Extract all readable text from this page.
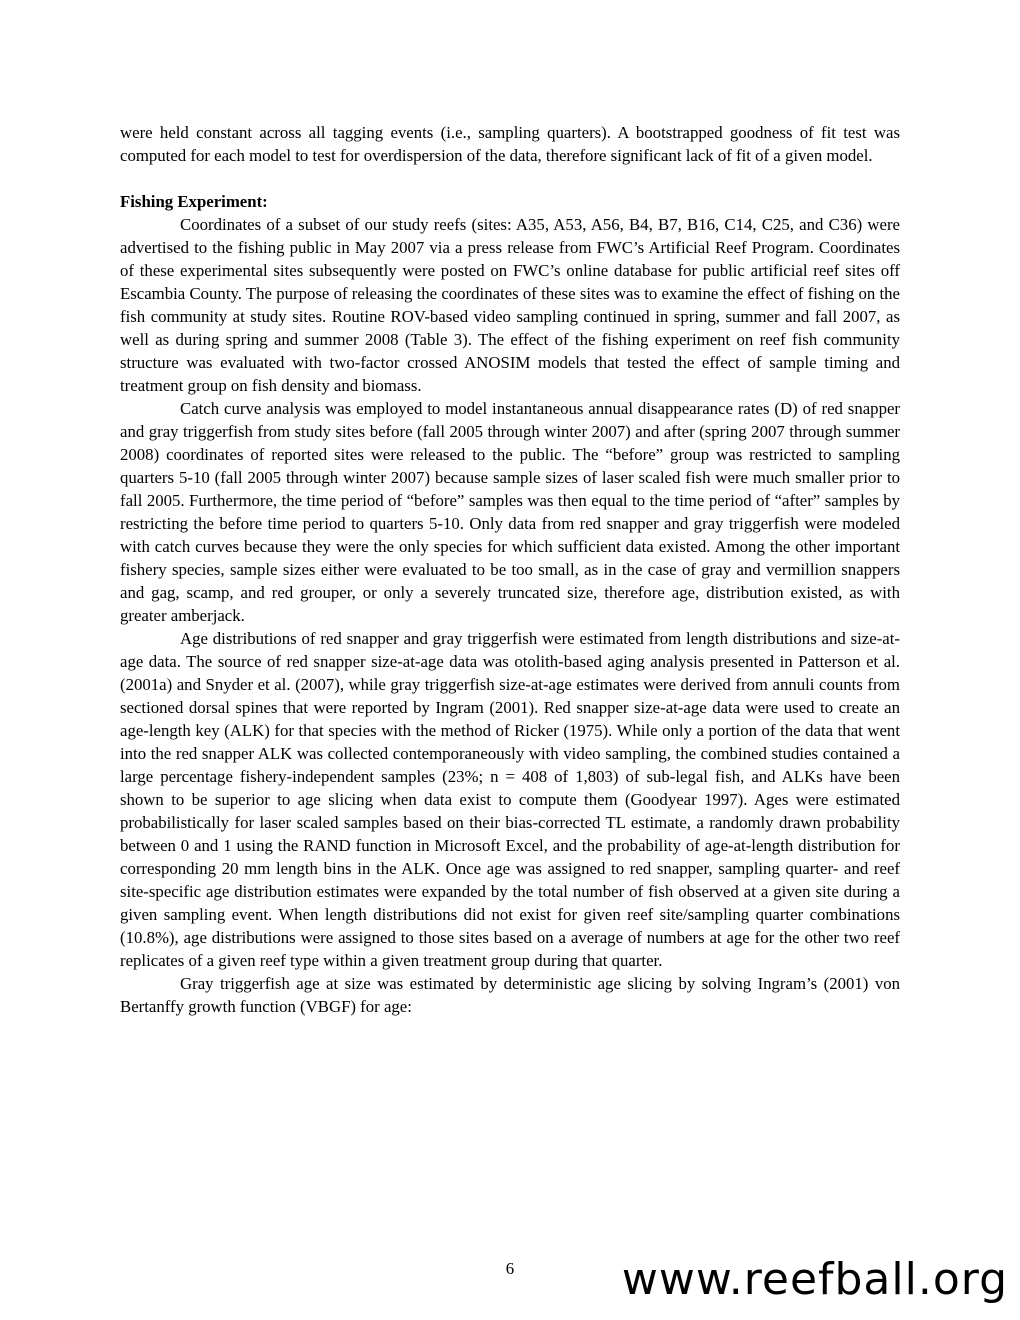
were held constant across all tagging events (i.e., sampling quarters). A bootstrapped goodness of fit test was computed for each model to test for overdispersion of the data, therefore significant lack of fit of a given model.

Fishing Experiment:

Coordinates of a subset of our study reefs (sites: A35, A53, A56, B4, B7, B16, C14, C25, and C36) were advertised to the fishing public in May 2007 via a press release from FWC’s Artificial Reef Program. Coordinates of these experimental sites subsequently were posted on FWC’s online database for public artificial reef sites off Escambia County. The purpose of releasing the coordinates of these sites was to examine the effect of fishing on the fish community at study sites. Routine ROV-based video sampling continued in spring, summer and fall 2007, as well as during spring and summer 2008 (Table 3). The effect of the fishing experiment on reef fish community structure was evaluated with two-factor crossed ANOSIM models that tested the effect of sample timing and treatment group on fish density and biomass.

Catch curve analysis was employed to model instantaneous annual disappearance rates (D) of red snapper and gray triggerfish from study sites before (fall 2005 through winter 2007) and after (spring 2007 through summer 2008) coordinates of reported sites were released to the public. The “before” group was restricted to sampling quarters 5-10 (fall 2005 through winter 2007) because sample sizes of laser scaled fish were much smaller prior to fall 2005. Furthermore, the time period of “before” samples was then equal to the time period of “after” samples by restricting the before time period to quarters 5-10. Only data from red snapper and gray triggerfish were modeled with catch curves because they were the only species for which sufficient data existed. Among the other important fishery species, sample sizes either were evaluated to be too small, as in the case of gray and vermillion snappers and gag, scamp, and red grouper, or only a severely truncated size, therefore age, distribution existed, as with greater amberjack.

Age distributions of red snapper and gray triggerfish were estimated from length distributions and size-at-age data. The source of red snapper size-at-age data was otolith-based aging analysis presented in Patterson et al. (2001a) and Snyder et al. (2007), while gray triggerfish size-at-age estimates were derived from annuli counts from sectioned dorsal spines that were reported by Ingram (2001). Red snapper size-at-age data were used to create an age-length key (ALK) for that species with the method of Ricker (1975). While only a portion of the data that went into the red snapper ALK was collected contemporaneously with video sampling, the combined studies contained a large percentage fishery-independent samples (23%; n = 408 of 1,803) of sub-legal fish, and ALKs have been shown to be superior to age slicing when data exist to compute them (Goodyear 1997). Ages were estimated probabilistically for laser scaled samples based on their bias-corrected TL estimate, a randomly drawn probability between 0 and 1 using the RAND function in Microsoft Excel, and the probability of age-at-length distribution for corresponding 20 mm length bins in the ALK. Once age was assigned to red snapper, sampling quarter- and reef site-specific age distribution estimates were expanded by the total number of fish observed at a given site during a given sampling event. When length distributions did not exist for given reef site/sampling quarter combinations (10.8%), age distributions were assigned to those sites based on a average of numbers at age for the other two reef replicates of a given reef type within a given treatment group during that quarter.

Gray triggerfish age at size was estimated by deterministic age slicing by solving Ingram’s (2001) von Bertanffy growth function (VBGF) for age:

6	www.reefball.org
